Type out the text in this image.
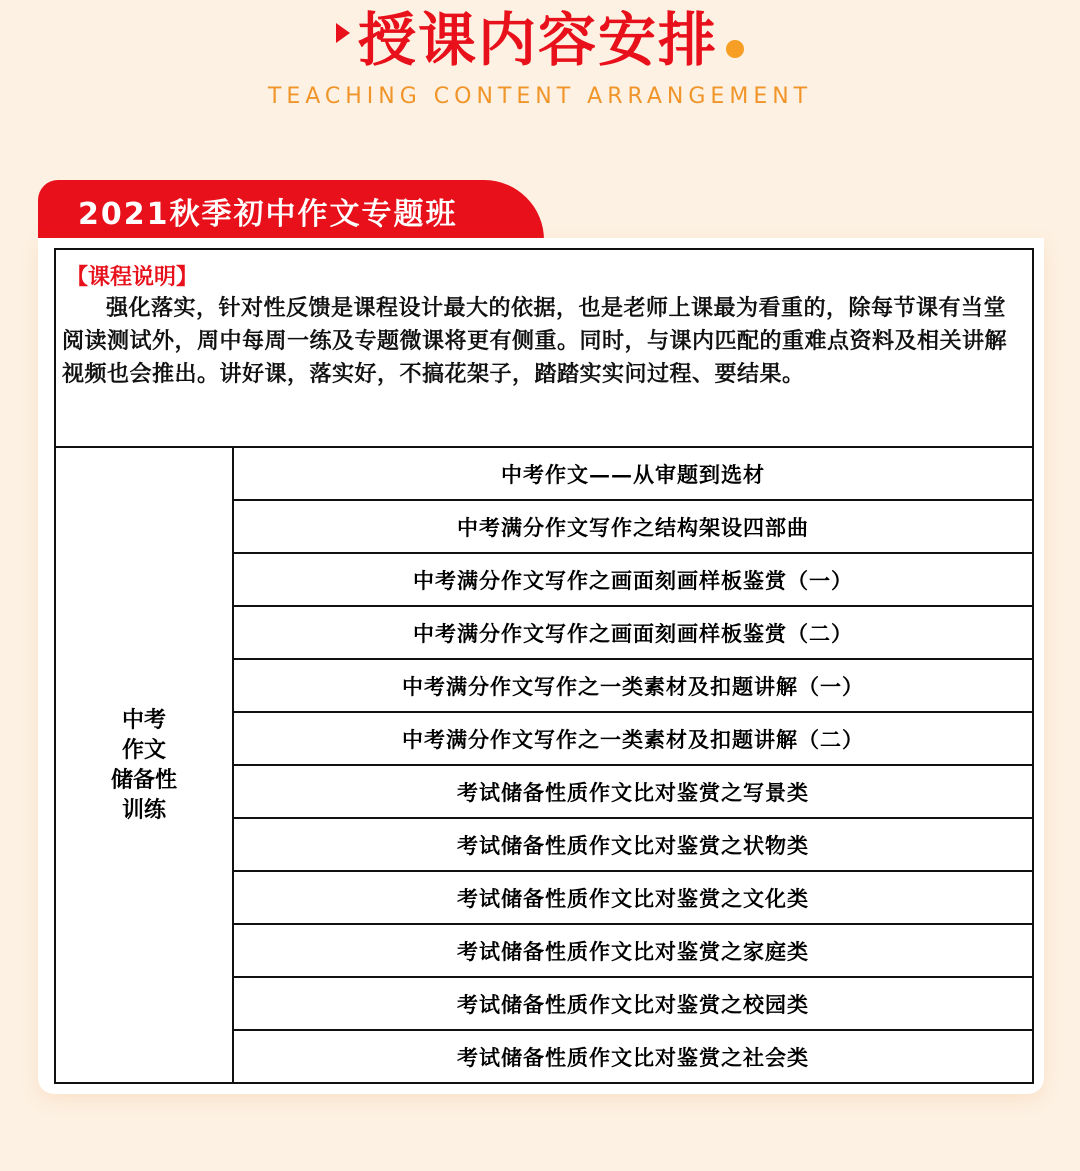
授课内容安排
TEACHING CONTENT ARRANGEMENT
2021秋季初中作文专题班
【课程说明】
强化落实，针对性反馈是课程设计最大的依据，也是老师上课最为看重的，除每节课有当堂阅读测试外，周中每周一练及专题微课将更有侧重。同时，与课内匹配的重难点资料及相关讲解视频也会推出。讲好课，落实好，不搞花架子，踏踏实实问过程、要结果。

中考
作文
储备性
训练
	中考作文——从审题到选材
中考满分作文写作之结构架设四部曲
中考满分作文写作之画面刻画样板鉴赏（一）
中考满分作文写作之画面刻画样板鉴赏（二）
中考满分作文写作之一类素材及扣题讲解（一）
中考满分作文写作之一类素材及扣题讲解（二）
考试储备性质作文比对鉴赏之写景类
考试储备性质作文比对鉴赏之状物类
考试储备性质作文比对鉴赏之文化类
考试储备性质作文比对鉴赏之家庭类
考试储备性质作文比对鉴赏之校园类
考试储备性质作文比对鉴赏之社会类
